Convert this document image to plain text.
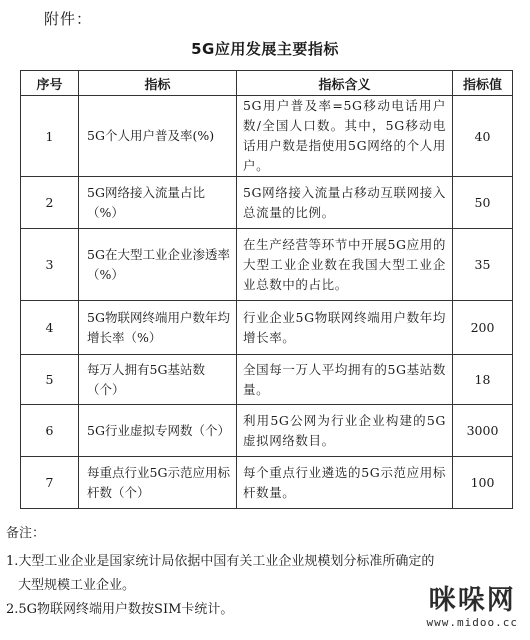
附件：
5G应用发展主要指标
序号	指标	指标含义	指标值
1	5G个人用户普及率(%)	5G用户普及率=5G移动电话用户数/全国人口数。其中，5G移动电话用户数是指使用5G网络的个人用户。	40
2	5G网络接入流量占比（%）	5G网络接入流量占移动互联网接入总流量的比例。	50
3	5G在大型工业企业渗透率（%）	在生产经营等环节中开展5G应用的大型工业企业数在我国大型工业企业总数中的占比。	35
4	5G物联网终端用户数年均增长率（%）	行业企业5G物联网终端用户数年均增长率。	200
5	每万人拥有5G基站数（个）	全国每一万人平均拥有的5G基站数量。	18
6	5G行业虚拟专网数（个）	利用5G公网为行业企业构建的5G虚拟网络数目。	3000
7	每重点行业5G示范应用标杆数（个）	每个重点行业遴选的5G示范应用标杆数量。	100
备注：
1.大型工业企业是国家统计局依据中国有关工业企业规模划分标准所确定的
大型规模工业企业。
2.5G物联网终端用户数按SIM卡统计。	咪哚网
www.midoo.cc
